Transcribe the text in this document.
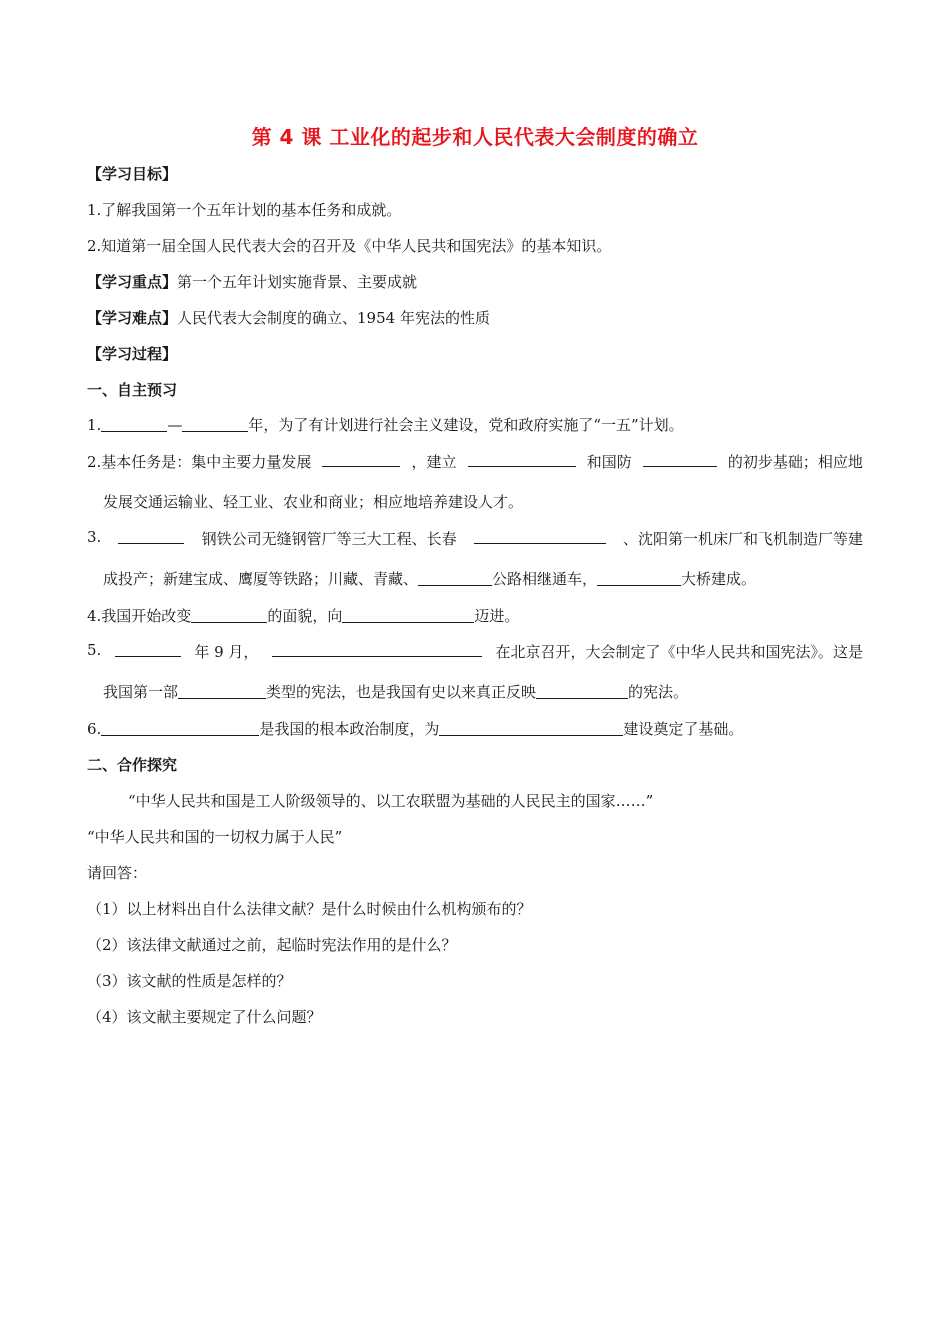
第 4 课 工业化的起步和人民代表大会制度的确立
【学习目标】
1.了解我国第一个五年计划的基本任务和成就。
2.知道第一届全国人民代表大会的召开及《中华人民共和国宪法》的基本知识。
【学习重点】第一个五年计划实施背景、主要成就
【学习难点】人民代表大会制度的确立、1954 年宪法的性质
【学习过程】
一、自主预习
1.	—	年，为了有计划进行社会主义建设，党和政府实施了“一五”计划。
2.基本任务是：集中主要力量发展	，建立	和国防	的初步基础；相应地
发展交通运输业、轻工业、农业和商业；相应地培养建设人才。
3.	钢铁公司无缝钢管厂等三大工程、长春	、沈阳第一机床厂和飞机制造厂等建
成投产；新建宝成、鹰厦等铁路；川藏、青藏、	公路相继通车，	大桥建成。
4.我国开始改变	的面貌，向	迈进。
5.	年 9 月，	在北京召开，大会制定了《中华人民共和国宪法》。这是
我国第一部	类型的宪法，也是我国有史以来真正反映	的宪法。
6.	是我国的根本政治制度，为	建设奠定了基础。
二、合作探究
“中华人民共和国是工人阶级领导的、以工农联盟为基础的人民民主的国家……”
“中华人民共和国的一切权力属于人民”
请回答：
（1）以上材料出自什么法律文献？是什么时候由什么机构颁布的？
（2）该法律文献通过之前，起临时宪法作用的是什么？
（3）该文献的性质是怎样的？
（4）该文献主要规定了什么问题？
